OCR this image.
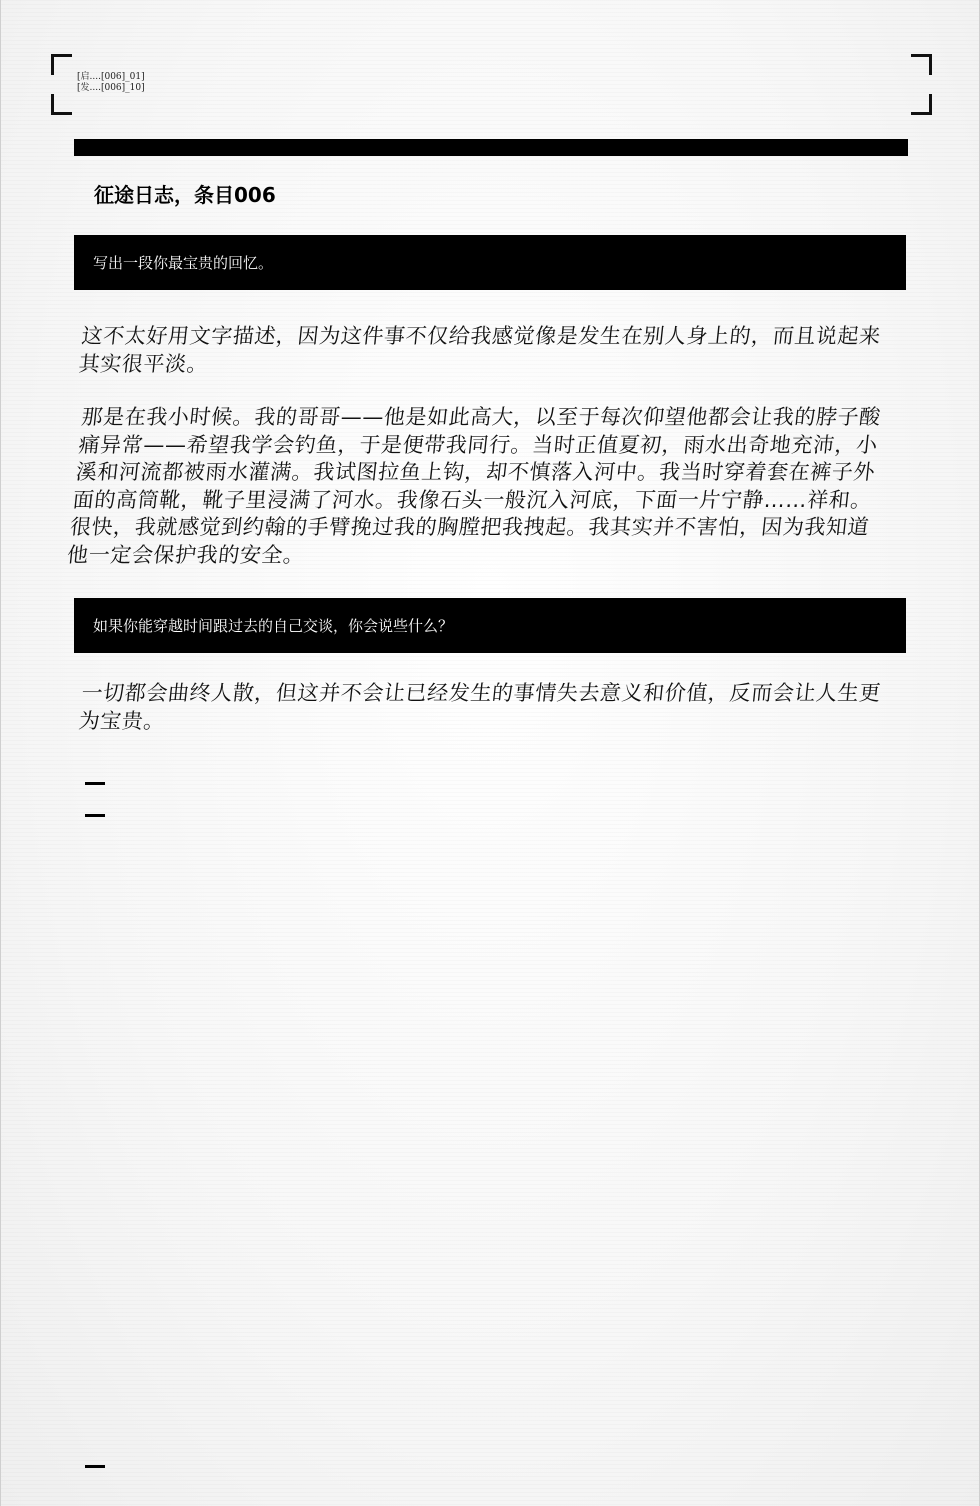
[启....[006]_01]
[发....[006]_10]
征途日志，条目006
写出一段你最宝贵的回忆。
这不太好用文字描述，因为这件事不仅给我感觉像是发生在别人身上的，而且说起来其实很平淡。
那是在我小时候。我的哥哥——他是如此高大，以至于每次仰望他都会让我的脖子酸痛异常——希望我学会钓鱼，于是便带我同行。当时正值夏初，雨水出奇地充沛，小溪和河流都被雨水灌满。我试图拉鱼上钩，却不慎落入河中。我当时穿着套在裤子外面的高筒靴，靴子里浸满了河水。我像石头一般沉入河底，下面一片宁静……祥和。很快，我就感觉到约翰的手臂挽过我的胸膛把我拽起。我其实并不害怕，因为我知道他一定会保护我的安全。
如果你能穿越时间跟过去的自己交谈，你会说些什么？
一切都会曲终人散，但这并不会让已经发生的事情失去意义和价值，反而会让人生更为宝贵。
